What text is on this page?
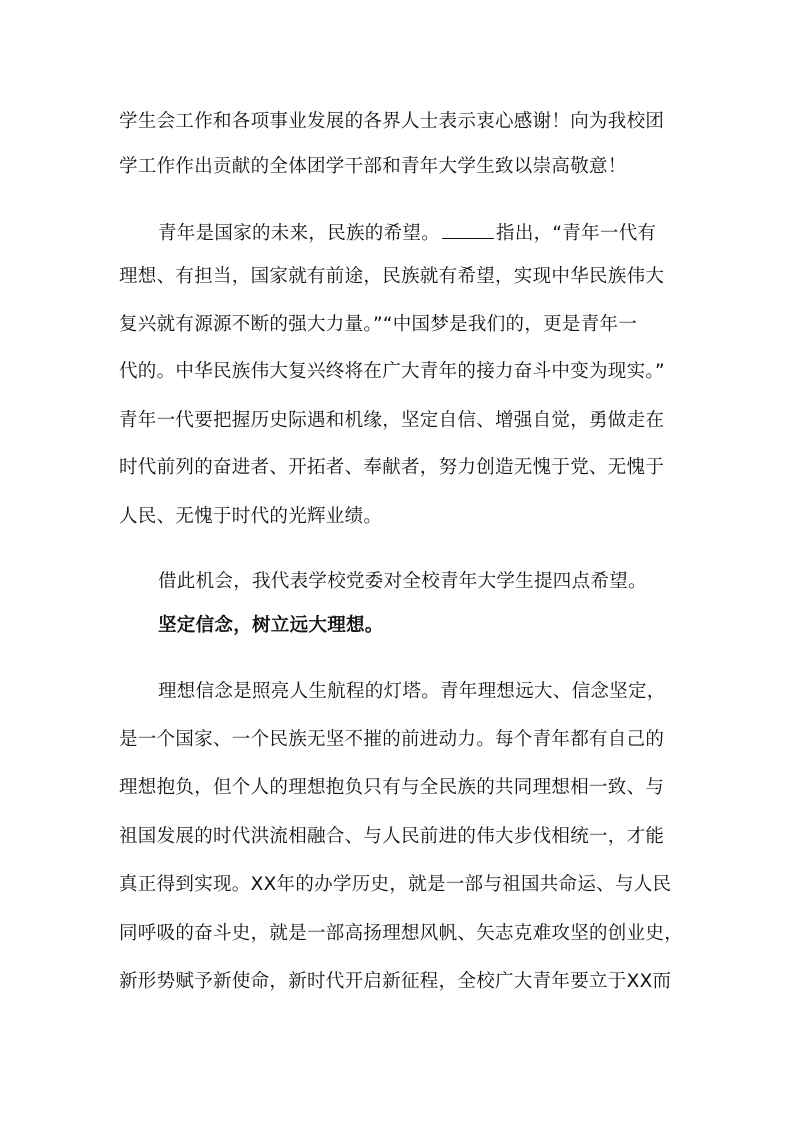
学生会工作和各项事业发展的各界人士表示衷心感谢！向为我校团
学工作作出贡献的全体团学干部和青年大学生致以崇高敬意！
青年是国家的未来，民族的希望。	指出，“青年一代有
理想、有担当，国家就有前途，民族就有希望，实现中华民族伟大
复兴就有源源不断的强大力量。”“中国梦是我们的，更是青年一
代的。中华民族伟大复兴终将在广大青年的接力奋斗中变为现实。”
青年一代要把握历史际遇和机缘，坚定自信、增强自觉，勇做走在
时代前列的奋进者、开拓者、奉献者，努力创造无愧于党、无愧于
人民、无愧于时代的光辉业绩。
借此机会，我代表学校党委对全校青年大学生提四点希望。
坚定信念，树立远大理想。
理想信念是照亮人生航程的灯塔。青年理想远大、信念坚定，
是一个国家、一个民族无坚不摧的前进动力。每个青年都有自己的
理想抱负，但个人的理想抱负只有与全民族的共同理想相一致、与
祖国发展的时代洪流相融合、与人民前进的伟大步伐相统一，才能
真正得到实现。XX年的办学历史，就是一部与祖国共命运、与人民
同呼吸的奋斗史，就是一部高扬理想风帆、矢志克难攻坚的创业史，
新形势赋予新使命，新时代开启新征程，全校广大青年要立于XX而
